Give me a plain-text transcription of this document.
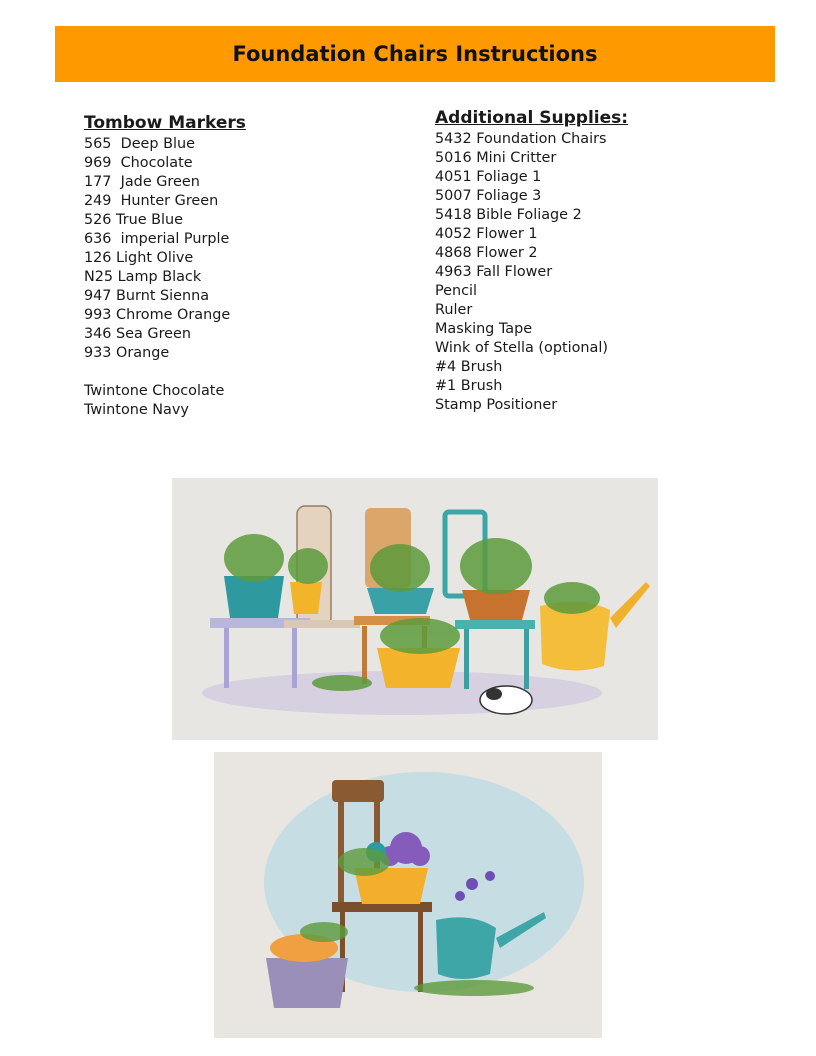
Foundation Chairs Instructions
Tombow Markers
565  Deep Blue
969  Chocolate
177  Jade Green
249  Hunter Green
526 True Blue
636  imperial Purple
126 Light Olive
N25 Lamp Black
947 Burnt Sienna
993 Chrome Orange
346 Sea Green
933 Orange
Twintone Chocolate
Twintone Navy
Additional Supplies:
5432 Foundation Chairs
5016 Mini Critter
4051 Foliage 1
5007 Foliage 3
5418 Bible Foliage 2
4052 Flower 1
4868 Flower 2
4963 Fall Flower
Pencil
Ruler
Masking Tape
Wink of Stella (optional)
#4 Brush
#1 Brush
Stamp Positioner
